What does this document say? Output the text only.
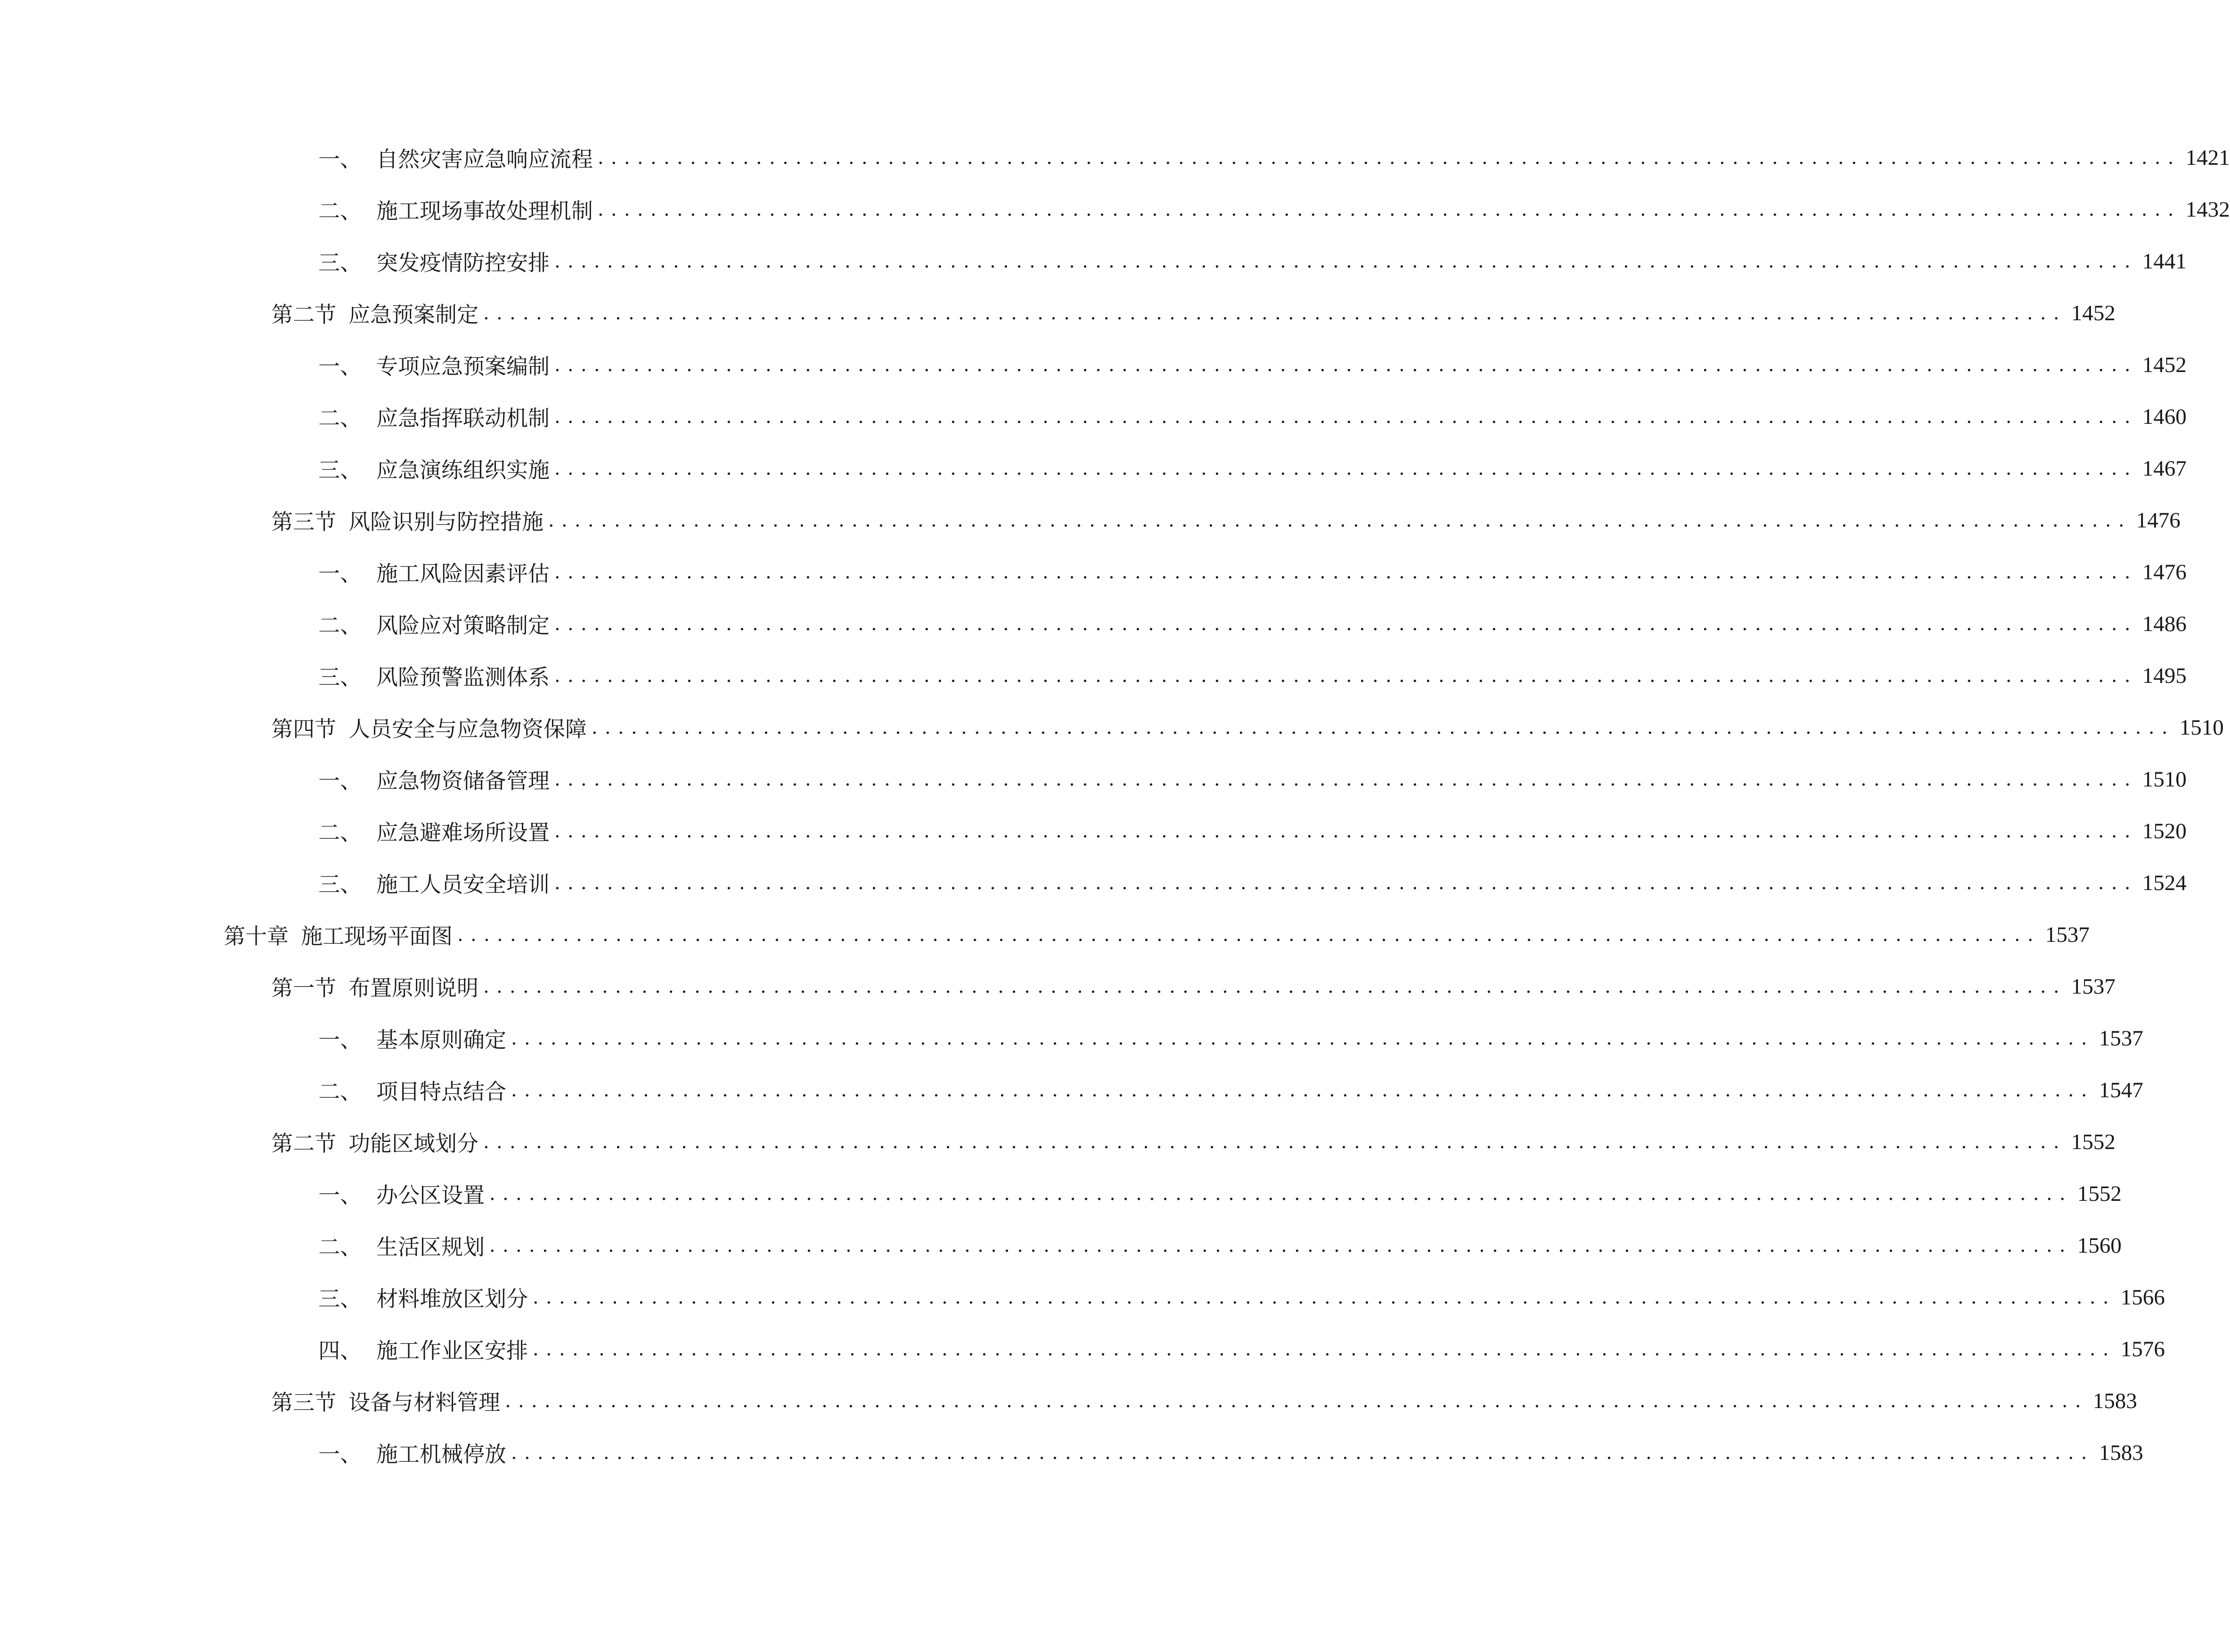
一、 自然灾害应急响应流程 ........................................................................................................................ 1421
二、 施工现场事故处理机制 ........................................................................................................................ 1432
三、 突发疫情防控安排 ........................................................................................................................ 1441
第二节 应急预案制定 ........................................................................................................................ 1452
一、 专项应急预案编制 ........................................................................................................................ 1452
二、 应急指挥联动机制 ........................................................................................................................ 1460
三、 应急演练组织实施 ........................................................................................................................ 1467
第三节 风险识别与防控措施 ........................................................................................................................ 1476
一、 施工风险因素评估 ........................................................................................................................ 1476
二、 风险应对策略制定 ........................................................................................................................ 1486
三、 风险预警监测体系 ........................................................................................................................ 1495
第四节 人员安全与应急物资保障 ........................................................................................................................ 1510
一、 应急物资储备管理 ........................................................................................................................ 1510
二、 应急避难场所设置 ........................................................................................................................ 1520
三、 施工人员安全培训 ........................................................................................................................ 1524
第十章 施工现场平面图 ........................................................................................................................ 1537
第一节 布置原则说明 ........................................................................................................................ 1537
一、 基本原则确定 ........................................................................................................................ 1537
二、 项目特点结合 ........................................................................................................................ 1547
第二节 功能区域划分 ........................................................................................................................ 1552
一、 办公区设置 ........................................................................................................................ 1552
二、 生活区规划 ........................................................................................................................ 1560
三、 材料堆放区划分 ........................................................................................................................ 1566
四、 施工作业区安排 ........................................................................................................................ 1576
第三节 设备与材料管理 ........................................................................................................................ 1583
一、 施工机械停放 ........................................................................................................................ 1583
